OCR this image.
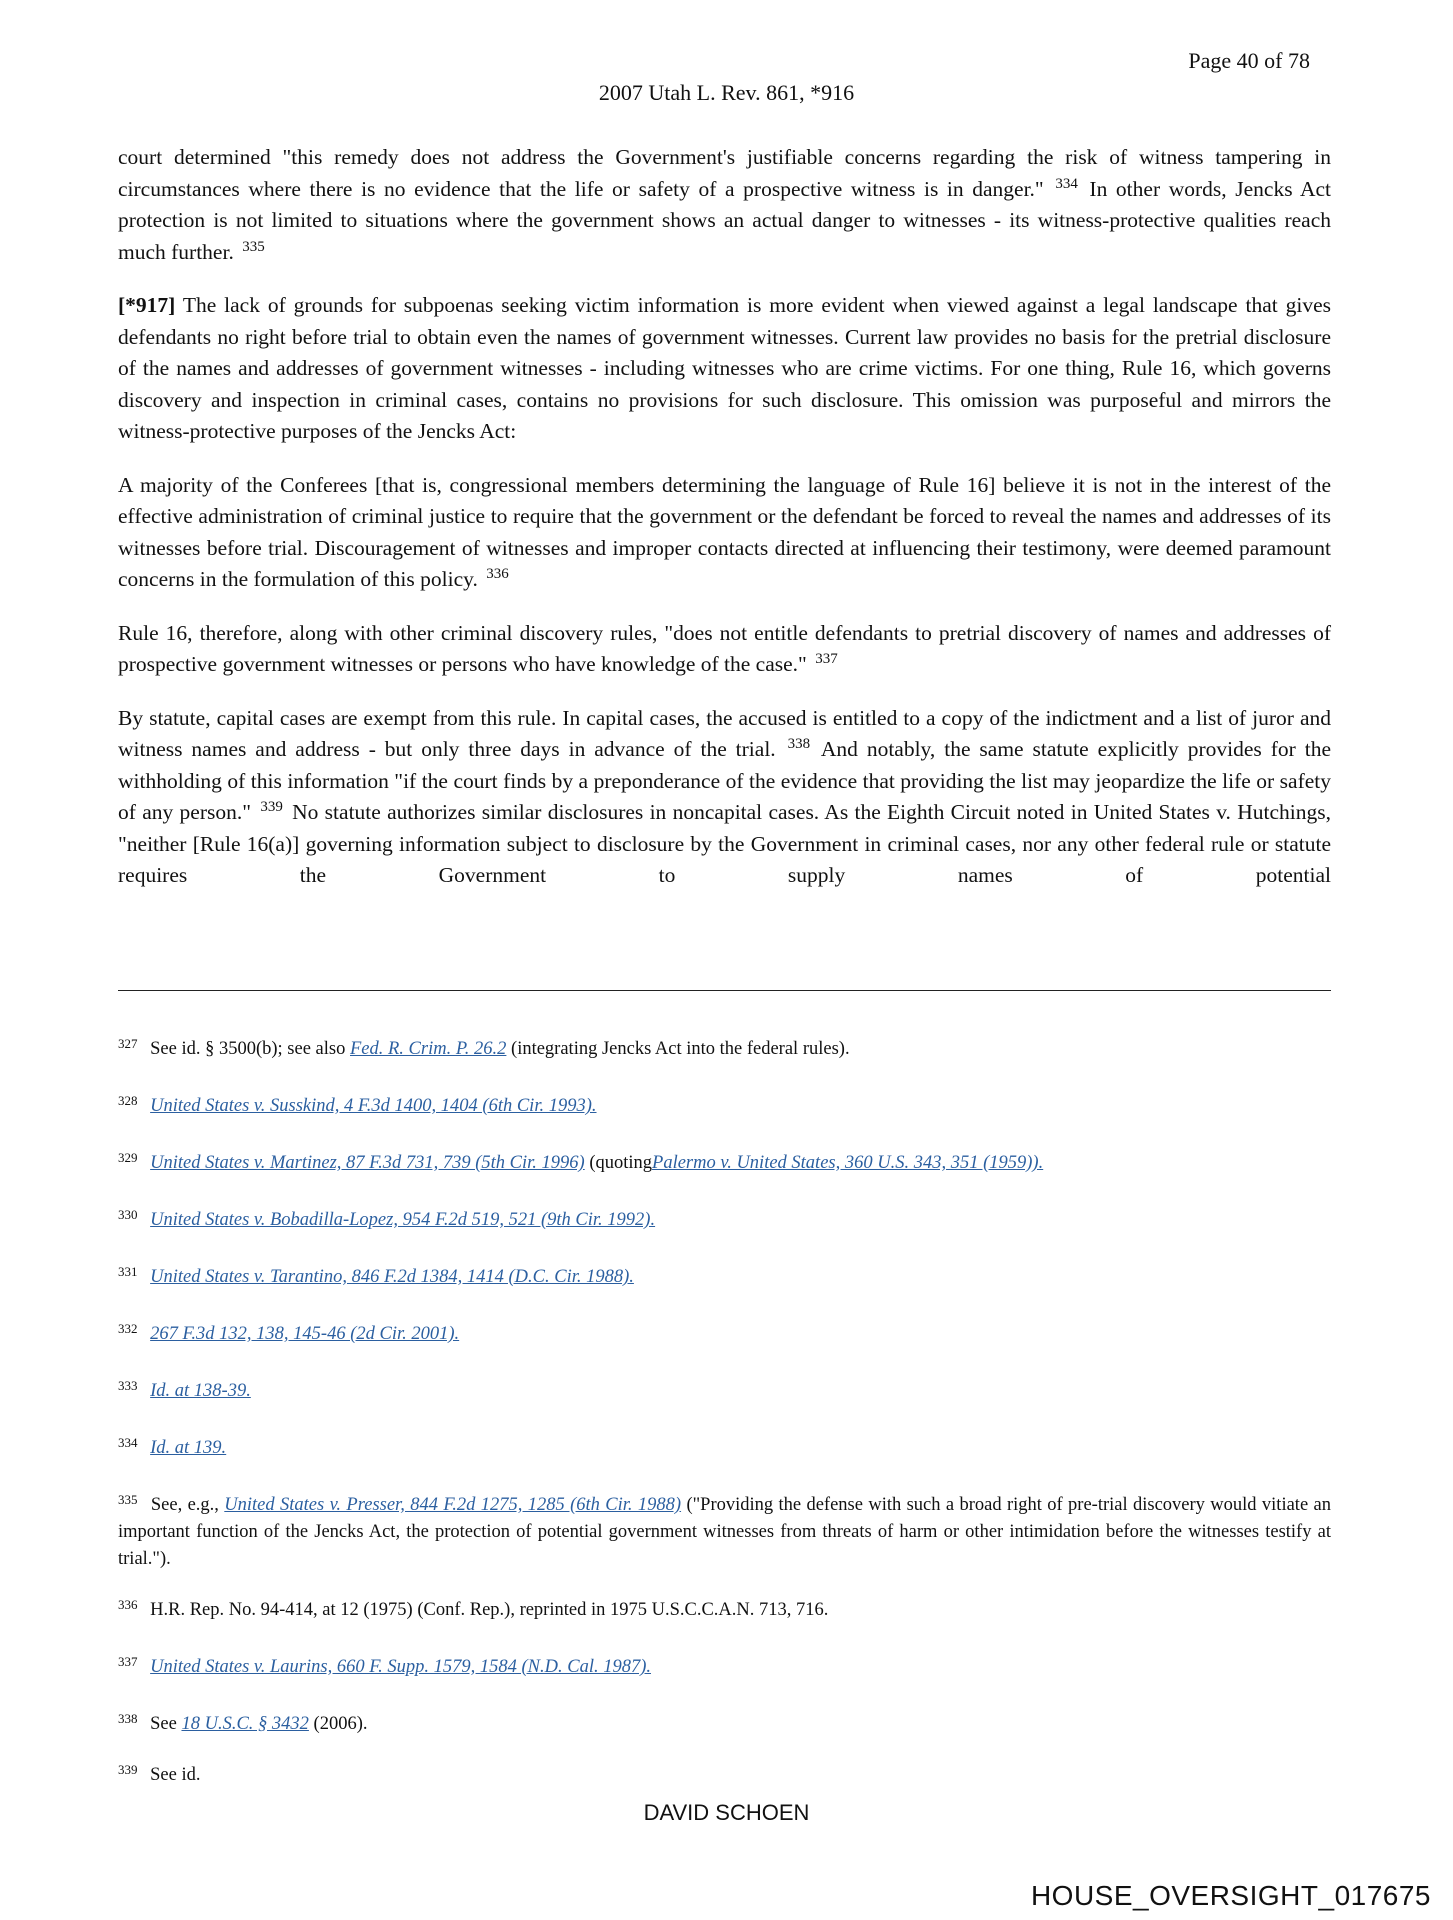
Page 40 of 78
2007 Utah L. Rev. 861, *916

court determined "this remedy does not address the Government's justifiable concerns regarding the risk of witness tampering in circumstances where there is no evidence that the life or safety of a prospective witness is in danger." $^{334}$ In other words, Jencks Act protection is not limited to situations where the government shows an actual danger to witnesses - its witness-protective qualities reach much further. $^{335}$

[*917] The lack of grounds for subpoenas seeking victim information is more evident when viewed against a legal landscape that gives defendants no right before trial to obtain even the names of government witnesses. Current law provides no basis for the pretrial disclosure of the names and addresses of government witnesses - including witnesses who are crime victims. For one thing, Rule 16, which governs discovery and inspection in criminal cases, contains no provisions for such disclosure. This omission was purposeful and mirrors the witness-protective purposes of the Jencks Act:

A majority of the Conferees [that is, congressional members determining the language of Rule 16] believe it is not in the interest of the effective administration of criminal justice to require that the government or the defendant be forced to reveal the names and addresses of its witnesses before trial. Discouragement of witnesses and improper contacts directed at influencing their testimony, were deemed paramount concerns in the formulation of this policy. $^{336}$

Rule 16, therefore, along with other criminal discovery rules, "does not entitle defendants to pretrial discovery of names and addresses of prospective government witnesses or persons who have knowledge of the case." $^{337}$

By statute, capital cases are exempt from this rule. In capital cases, the accused is entitled to a copy of the indictment and a list of juror and witness names and address - but only three days in advance of the trial. $^{338}$ And notably, the same statute explicitly provides for the withholding of this information "if the court finds by a preponderance of the evidence that providing the list may jeopardize the life or safety of any person." $^{339}$ No statute authorizes similar disclosures in noncapital cases. As the Eighth Circuit noted in United States v. Hutchings, "neither [Rule 16(a)] governing information subject to disclosure by the Government in criminal cases, nor any other federal rule or statute requires the Government to supply names of potential

$^{327}$ See id. § 3500(b); see also Fed. R. Crim. P. 26.2 (integrating Jencks Act into the federal rules).
$^{328}$ United States v. Susskind, 4 F.3d 1400, 1404 (6th Cir. 1993).
$^{329}$ United States v. Martinez, 87 F.3d 731, 739 (5th Cir. 1996) (quotingPalermo v. United States, 360 U.S. 343, 351 (1959)).
$^{330}$ United States v. Bobadilla-Lopez, 954 F.2d 519, 521 (9th Cir. 1992).
$^{331}$ United States v. Tarantino, 846 F.2d 1384, 1414 (D.C. Cir. 1988).
$^{332}$ 267 F.3d 132, 138, 145-46 (2d Cir. 2001).
$^{333}$ Id. at 138-39.
$^{334}$ Id. at 139.
$^{335}$ See, e.g., United States v. Presser, 844 F.2d 1275, 1285 (6th Cir. 1988) ("Providing the defense with such a broad right of pre-trial discovery would vitiate an important function of the Jencks Act, the protection of potential government witnesses from threats of harm or other intimidation before the witnesses testify at trial.").
$^{336}$ H.R. Rep. No. 94-414, at 12 (1975) (Conf. Rep.), reprinted in 1975 U.S.C.C.A.N. 713, 716.
$^{337}$ United States v. Laurins, 660 F. Supp. 1579, 1584 (N.D. Cal. 1987).
$^{338}$ See 18 U.S.C. § 3432 (2006).
$^{339}$ See id.
DAVID SCHOEN
HOUSE_OVERSIGHT_017675
